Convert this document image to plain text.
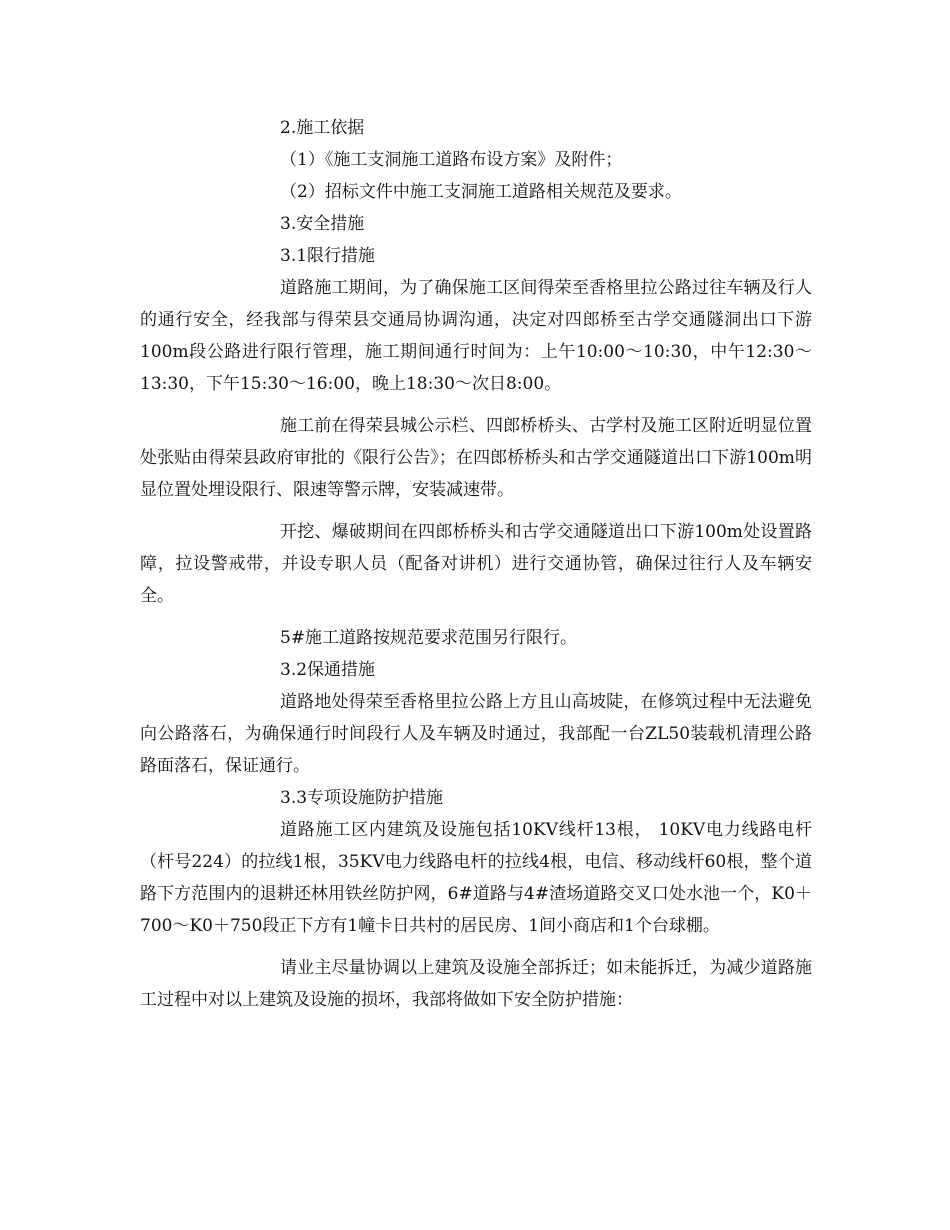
2.施工依据

（1）《施工支洞施工道路布设方案》及附件；

（2）招标文件中施工支洞施工道路相关规范及要求。

3.安全措施

3.1限行措施

道路施工期间，为了确保施工区间得荣至香格里拉公路过往车辆及行人的通行安全，经我部与得荣县交通局协调沟通，决定对四郎桥至古学交通隧洞出口下游100m段公路进行限行管理，施工期间通行时间为：上午10:00～10:30，中午12:30～13:30，下午15:30～16:00，晚上18:30～次日8:00。

施工前在得荣县城公示栏、四郎桥桥头、古学村及施工区附近明显位置处张贴由得荣县政府审批的《限行公告》；在四郎桥桥头和古学交通隧道出口下游100m明显位置处埋设限行、限速等警示牌，安装减速带。

开挖、爆破期间在四郎桥桥头和古学交通隧道出口下游100m处设置路障，拉设警戒带，并设专职人员（配备对讲机）进行交通协管，确保过往行人及车辆安全。

5#施工道路按规范要求范围另行限行。

3.2保通措施

道路地处得荣至香格里拉公路上方且山高坡陡，在修筑过程中无法避免向公路落石，为确保通行时间段行人及车辆及时通过，我部配一台ZL50装载机清理公路路面落石，保证通行。

3.3专项设施防护措施

道路施工区内建筑及设施包括10KV线杆13根， 10KV电力线路电杆（杆号224）的拉线1根，35KV电力线路电杆的拉线4根，电信、移动线杆60根，整个道路下方范围内的退耕还林用铁丝防护网，6#道路与4#渣场道路交叉口处水池一个，K0＋700～K0＋750段正下方有1幢卡日共村的居民房、1间小商店和1个台球棚。

请业主尽量协调以上建筑及设施全部拆迁；如未能拆迁，为减少道路施工过程中对以上建筑及设施的损坏，我部将做如下安全防护措施：
